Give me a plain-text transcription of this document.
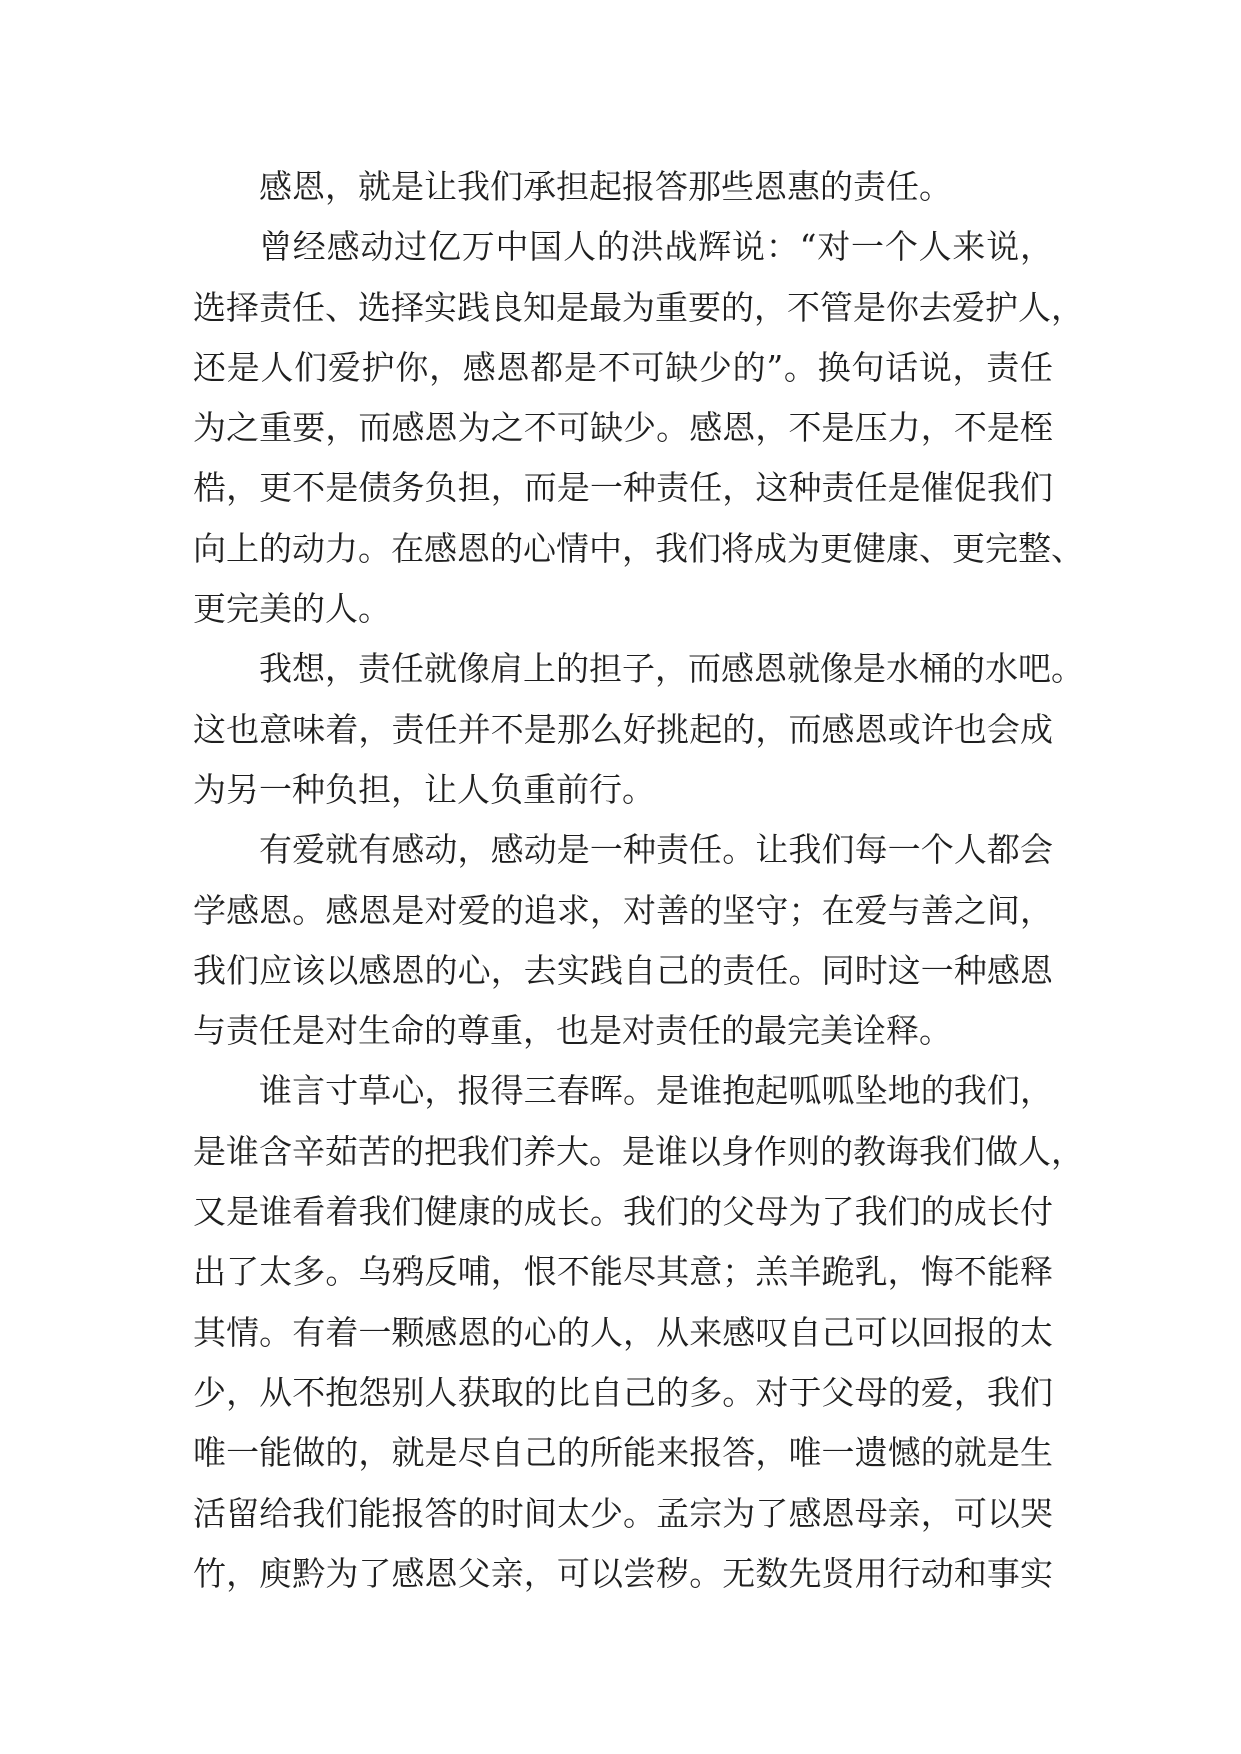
感恩，就是让我们承担起报答那些恩惠的责任。
曾经感动过亿万中国人的洪战辉说：“对一个人来说，
选择责任、选择实践良知是最为重要的，不管是你去爱护人，
还是人们爱护你，感恩都是不可缺少的”。换句话说，责任
为之重要，而感恩为之不可缺少。感恩，不是压力，不是桎
梏，更不是债务负担，而是一种责任，这种责任是催促我们
向上的动力。在感恩的心情中，我们将成为更健康、更完整、
更完美的人。
我想，责任就像肩上的担子，而感恩就像是水桶的水吧。
这也意味着，责任并不是那么好挑起的，而感恩或许也会成
为另一种负担，让人负重前行。
有爱就有感动，感动是一种责任。让我们每一个人都会
学感恩。感恩是对爱的追求，对善的坚守；在爱与善之间，
我们应该以感恩的心，去实践自己的责任。同时这一种感恩
与责任是对生命的尊重，也是对责任的最完美诠释。
谁言寸草心，报得三春晖。是谁抱起呱呱坠地的我们，
是谁含辛茹苦的把我们养大。是谁以身作则的教诲我们做人，
又是谁看着我们健康的成长。我们的父母为了我们的成长付
出了太多。乌鸦反哺，恨不能尽其意；羔羊跪乳，悔不能释
其情。有着一颗感恩的心的人，从来感叹自己可以回报的太
少，从不抱怨别人获取的比自己的多。对于父母的爱，我们
唯一能做的，就是尽自己的所能来报答，唯一遗憾的就是生
活留给我们能报答的时间太少。孟宗为了感恩母亲，可以哭
竹，庾黔为了感恩父亲，可以尝秽。无数先贤用行动和事实
